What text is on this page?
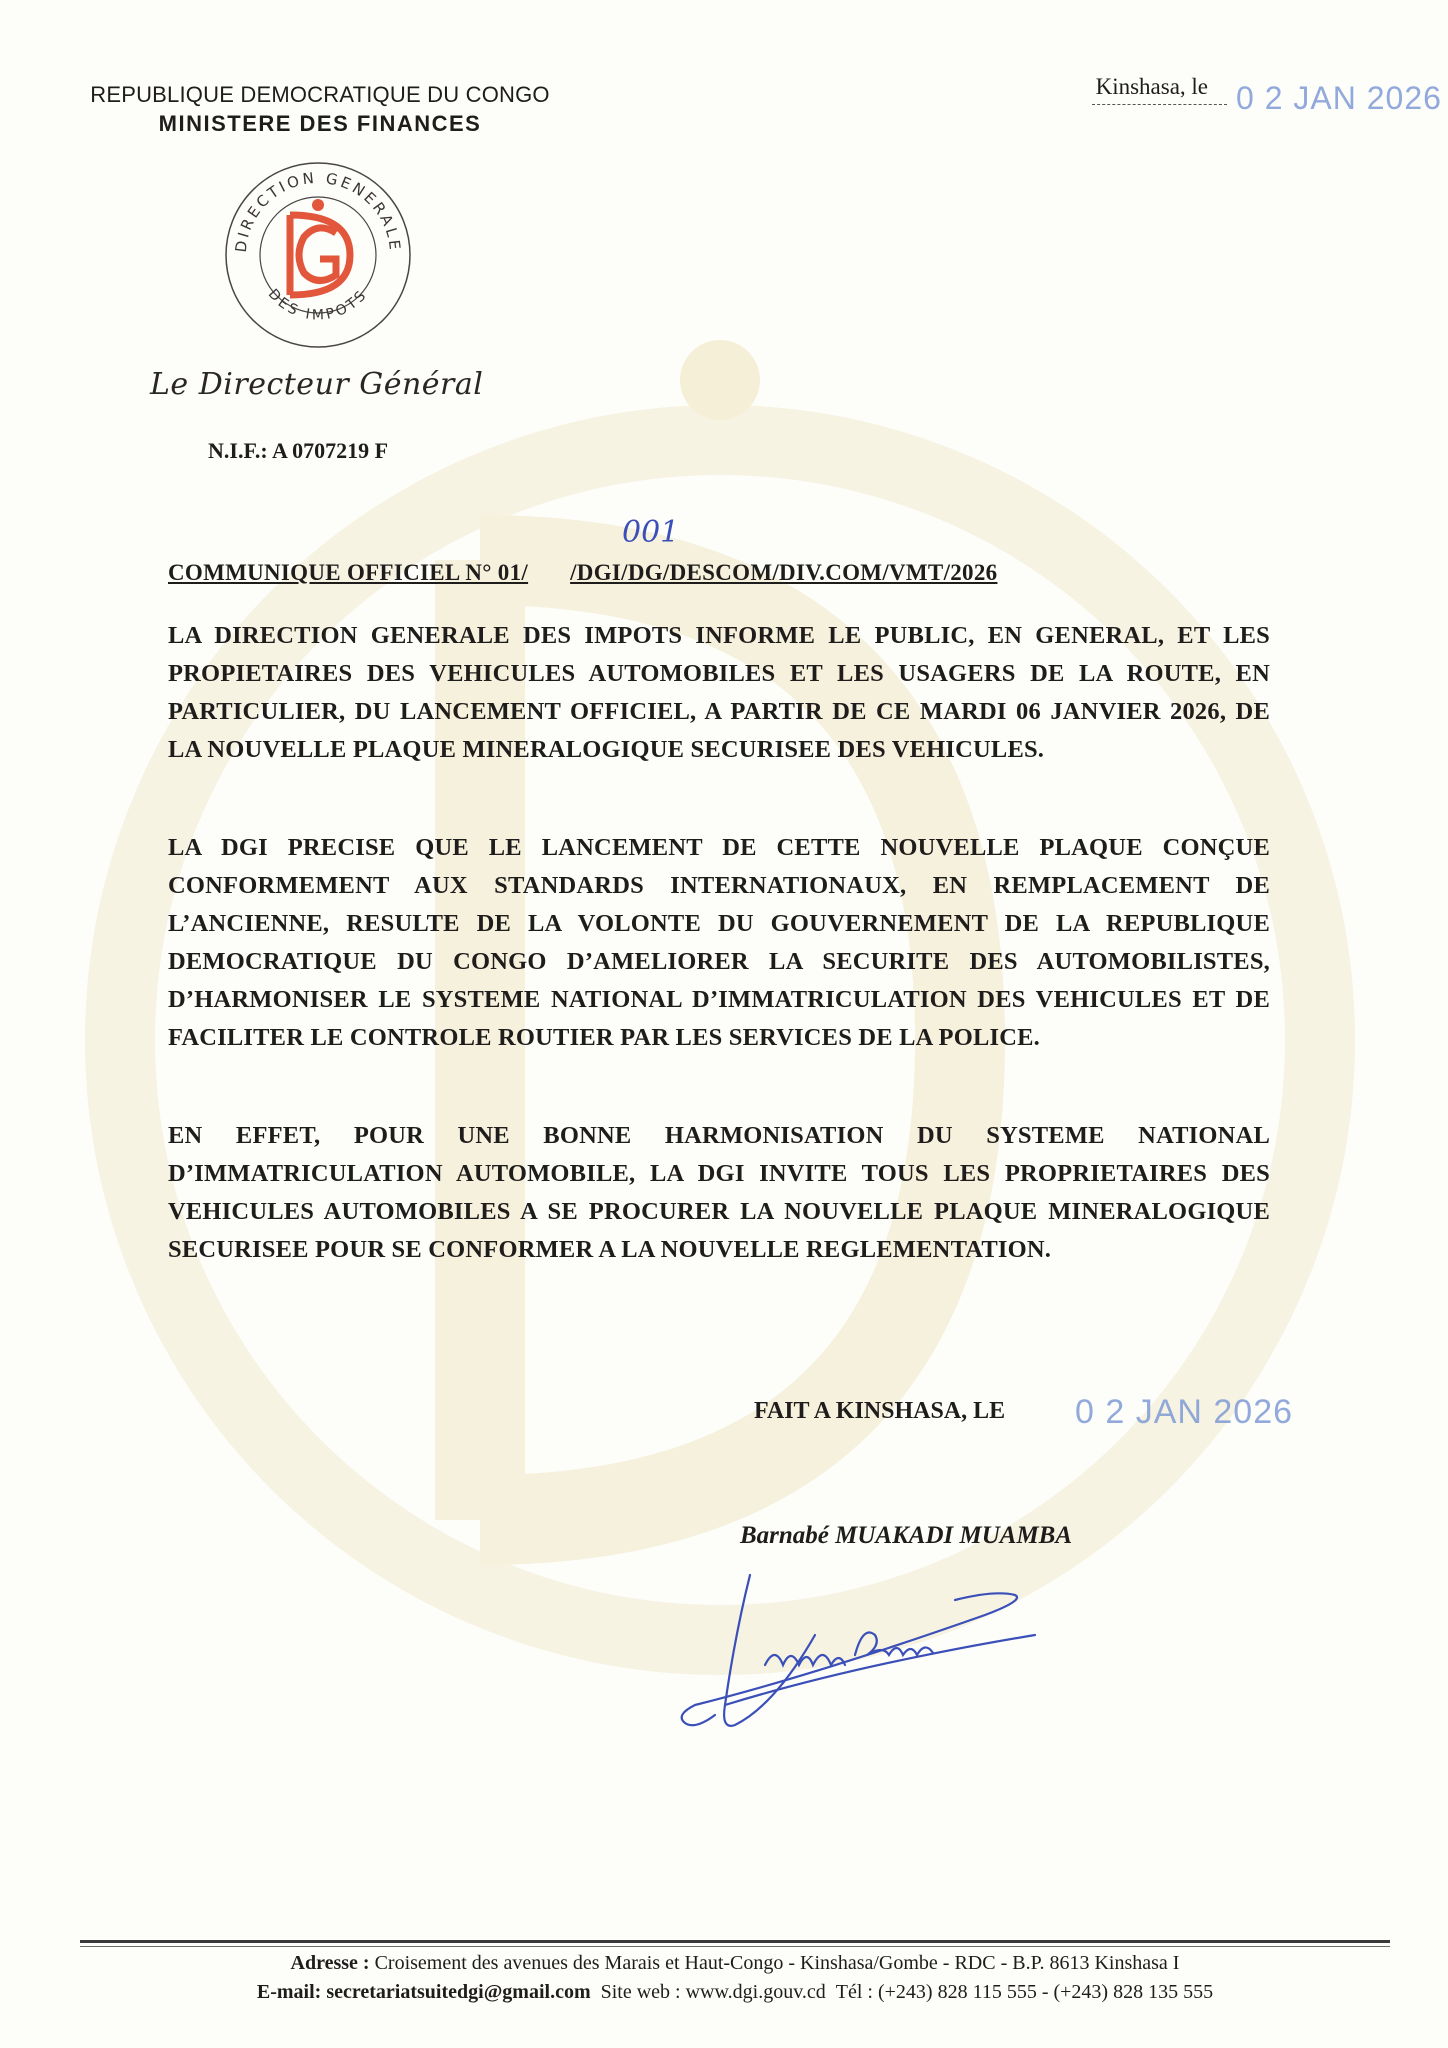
REPUBLIQUE DEMOCRATIQUE DU CONGO
MINISTERE DES FINANCES
DIRECTION GENERALE
DES IMPOTS
Le Directeur Général
N.I.F.: A 0707219 F
Kinshasa, le 0 2 JAN 2026
001
COMMUNIQUE OFFICIEL N° 01/ /DGI/DG/DESCOM/DIV.COM/VMT/2026
LA DIRECTION GENERALE DES IMPOTS INFORME LE PUBLIC, EN GENERAL, ET LES PROPIETAIRES DES VEHICULES AUTOMOBILES ET LES USAGERS DE LA ROUTE, EN PARTICULIER, DU LANCEMENT OFFICIEL, A PARTIR DE CE MARDI 06 JANVIER 2026, DE LA NOUVELLE PLAQUE MINERALOGIQUE SECURISEE DES VEHICULES.
LA DGI PRECISE QUE LE LANCEMENT DE CETTE NOUVELLE PLAQUE CONÇUE CONFORMEMENT AUX STANDARDS INTERNATIONAUX, EN REMPLACEMENT DE L’ANCIENNE, RESULTE DE LA VOLONTE DU GOUVERNEMENT DE LA REPUBLIQUE DEMOCRATIQUE DU CONGO D’AMELIORER LA SECURITE DES AUTOMOBILISTES, D’HARMONISER LE SYSTEME NATIONAL D’IMMATRICULATION DES VEHICULES ET DE FACILITER LE CONTROLE ROUTIER PAR LES SERVICES DE LA POLICE.
EN EFFET, POUR UNE BONNE HARMONISATION DU SYSTEME NATIONAL D’IMMATRICULATION AUTOMOBILE, LA DGI INVITE TOUS LES PROPRIETAIRES DES VEHICULES AUTOMOBILES A SE PROCURER LA NOUVELLE PLAQUE MINERALOGIQUE SECURISEE POUR SE CONFORMER A LA NOUVELLE REGLEMENTATION.
FAIT A KINSHASA, LE 0 2 JAN 2026
Barnabé MUAKADI MUAMBA
Adresse : Croisement des avenues des Marais et Haut-Congo - Kinshasa/Gombe - RDC - B.P. 8613 Kinshasa I
E-mail: secretariatsuitedgi@gmail.com Site web : www.dgi.gouv.cd Tél : (+243) 828 115 555 - (+243) 828 135 555
